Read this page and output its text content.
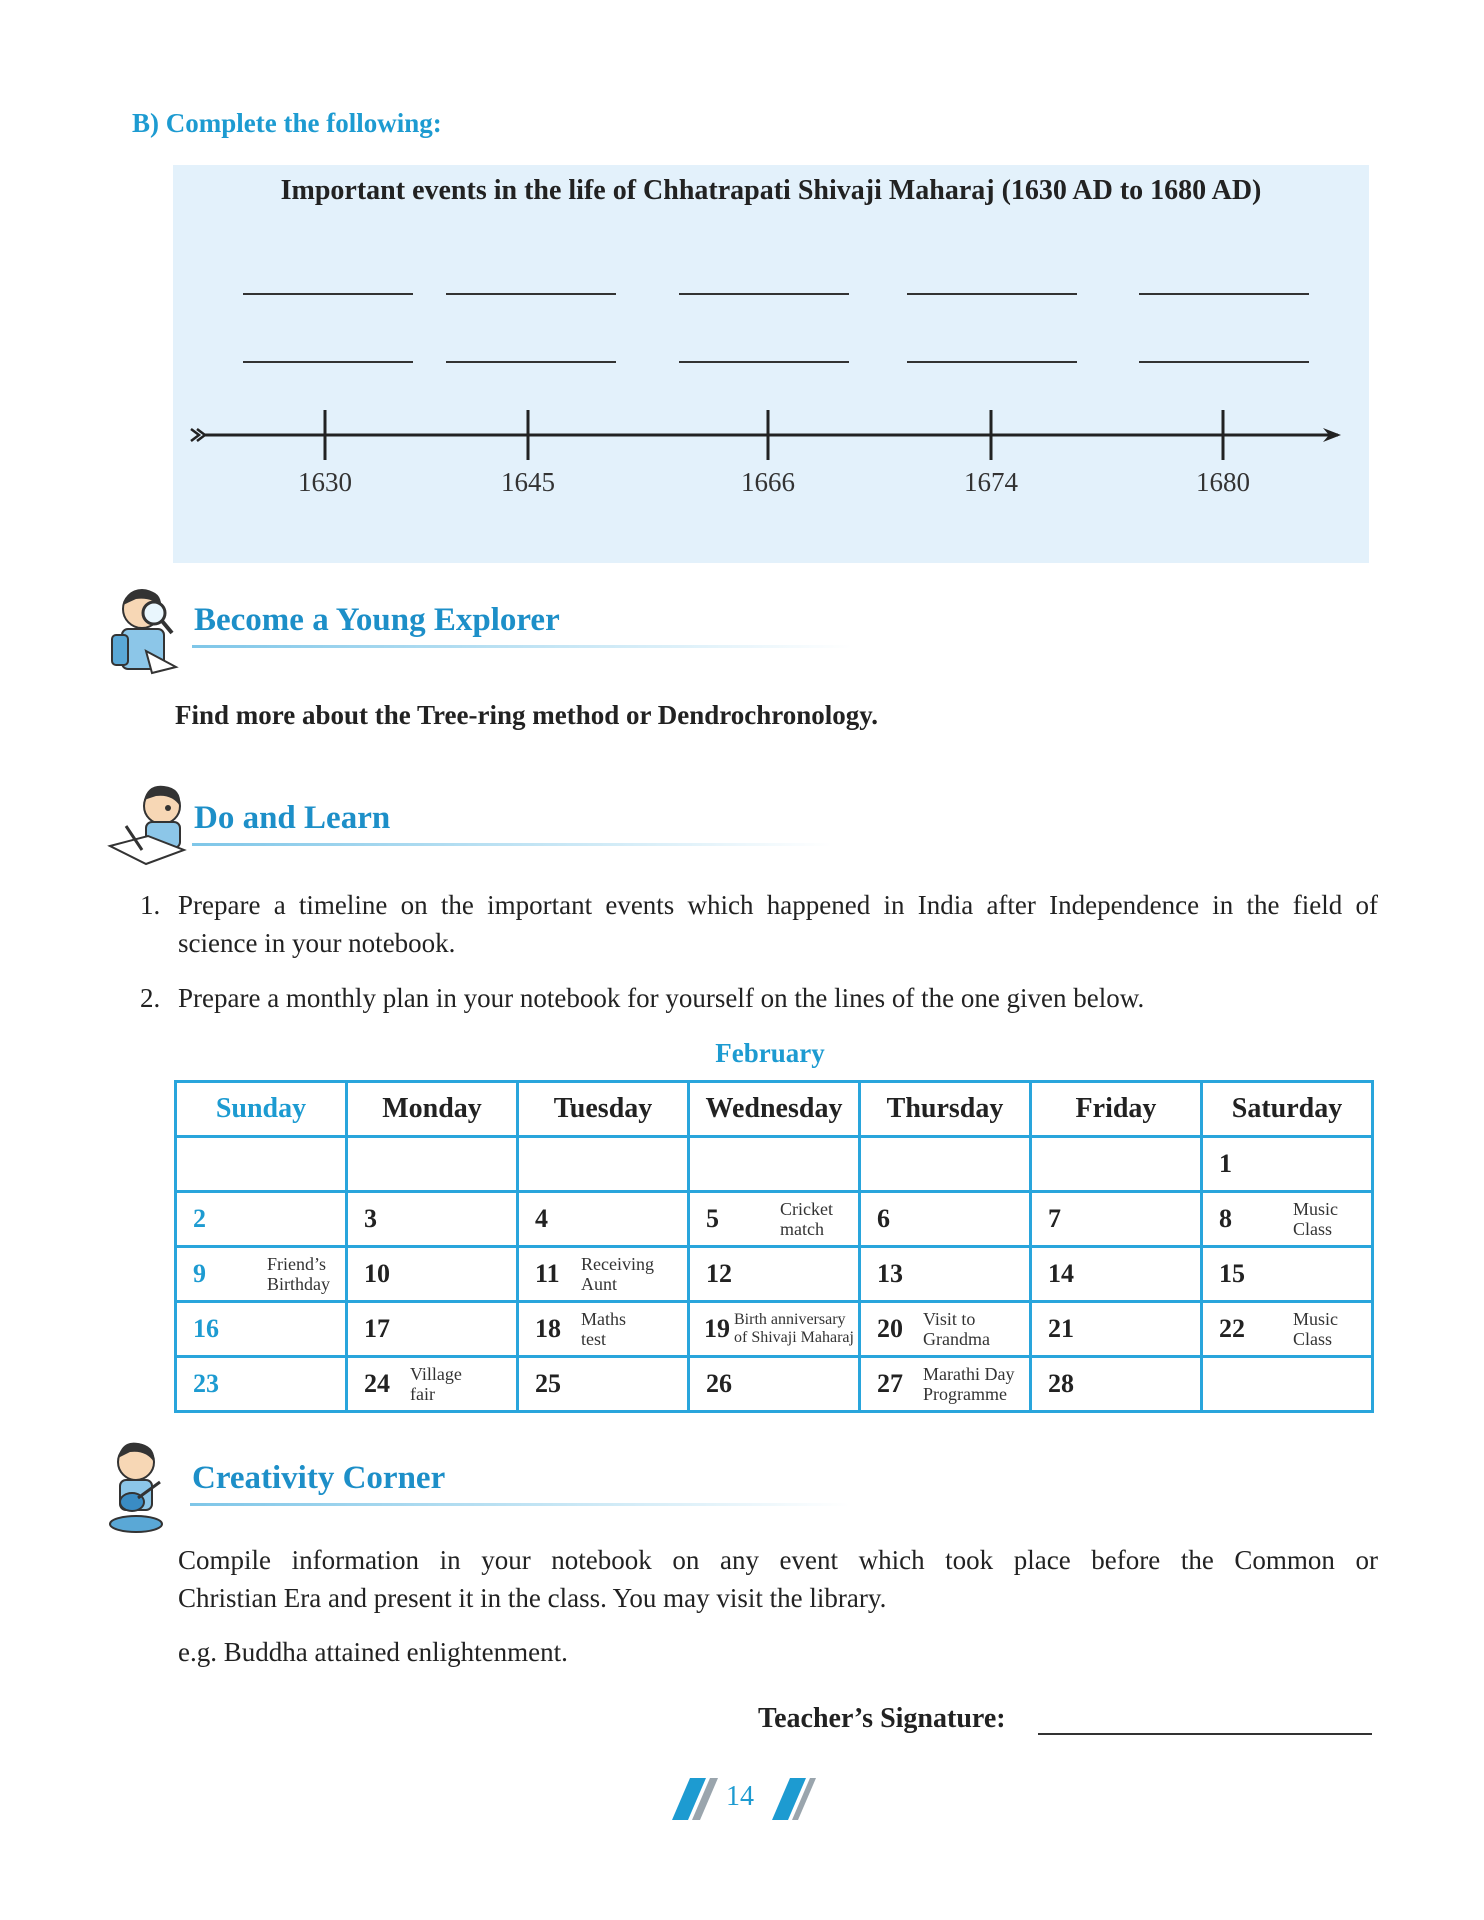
B) Complete the following:
Important events in the life of Chhatrapati Shivaji Maharaj (1630 AD to 1680 AD)
1630	1645	1666	1674	1680
Become a Young Explorer
Find more about the Tree-ring method or Dendrochronology.
Do and Learn
1. Prepare a timeline on the important events which happened in India after Independence in the field of
science in your notebook.
2. Prepare a monthly plan in your notebook for yourself on the lines of the one given below.
February
Sunday	Monday	Tuesday	Wednesday	Thursday	Friday	Saturday

						1

2	3	4	5 Cricket match	6	7	8 Music Class

9 Friend’s Birthday	10	11 Receiving Aunt	12	13	14	15

16	17	18 Maths test	19 Birth anniversary of Shivaji Maharaj	20 Visit to Grandma	21	22 Music Class

23	24 Village fair	25	26	27 Marathi Day Programme	28	

Creativity Corner
Compile information in your notebook on any event which took place before the Common or
Christian Era and present it in the class. You may visit the library.
e.g. Buddha attained enlightenment.
Teacher’s Signature:
14
